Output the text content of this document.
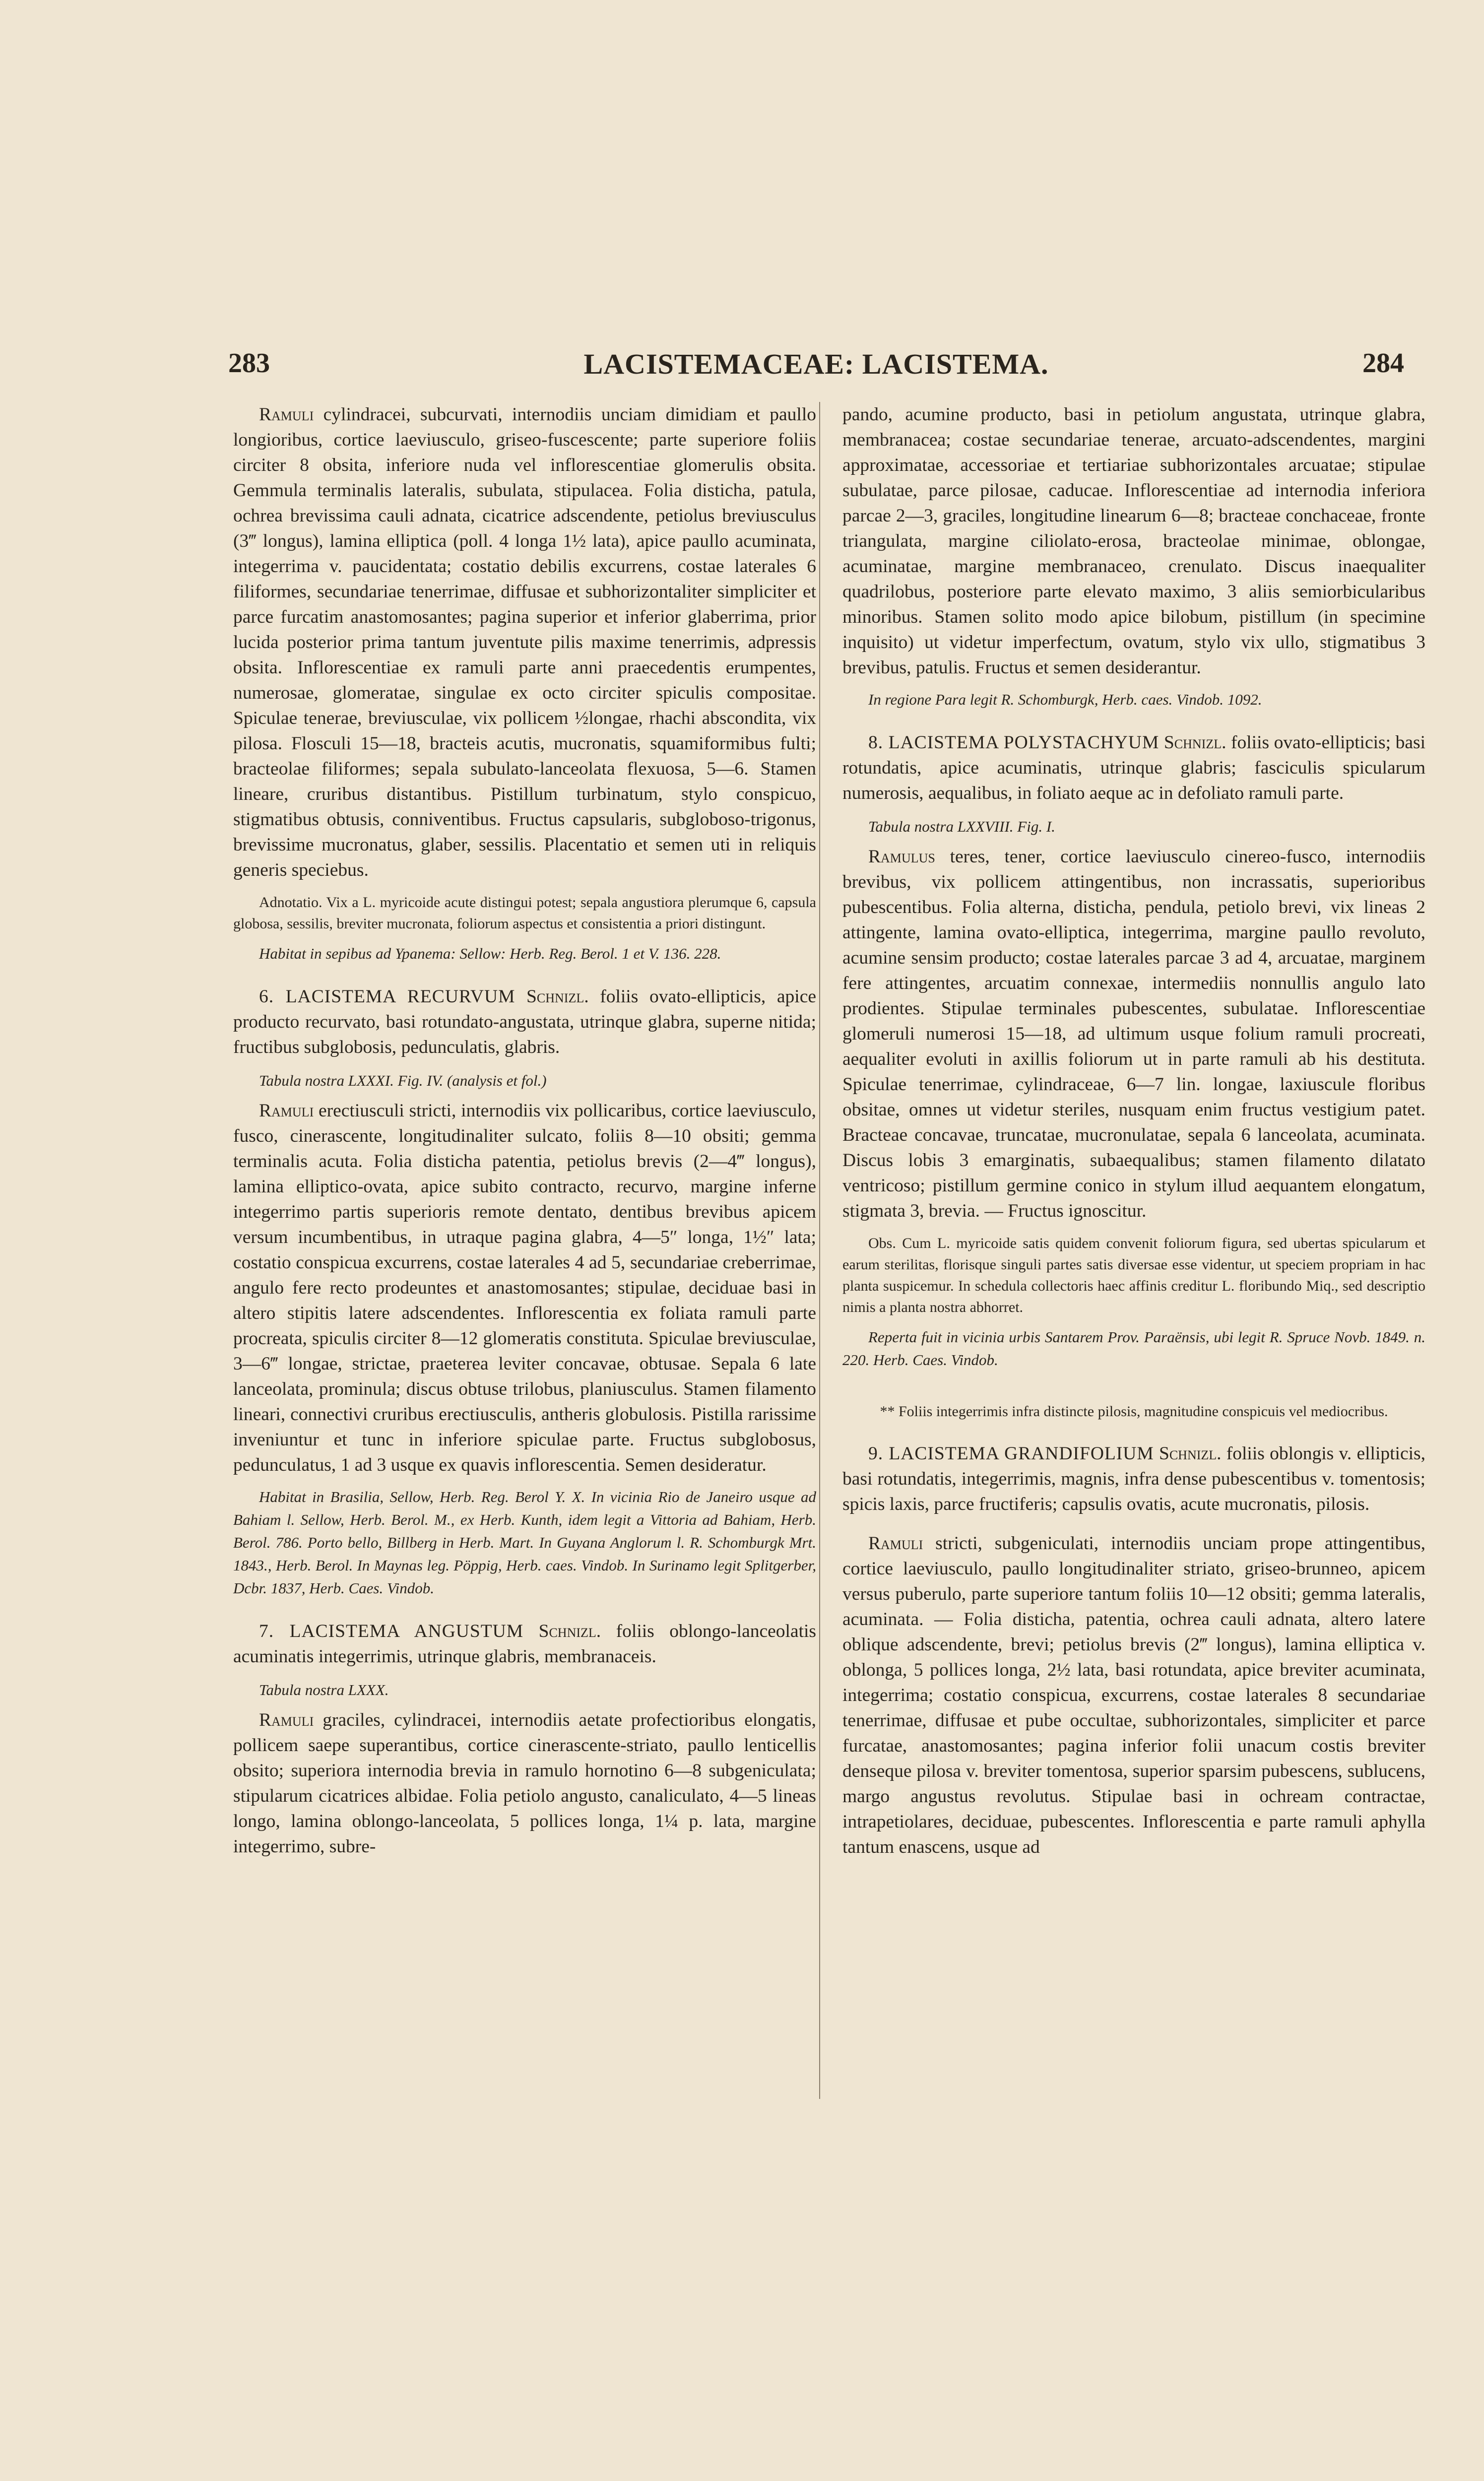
283	LACISTEMACEAE: LACISTEMA.	284

Ramuli cylindracei, subcurvati, internodiis unciam dimidiam et paullo longioribus, cortice laeviusculo, griseo-fuscescente; parte superiore foliis circiter 8 obsita, inferiore nuda vel inflorescentiae glomerulis obsita. Gemmula terminalis lateralis, subulata, stipulacea. Folia disticha, patula, ochrea brevissima cauli adnata, cicatrice adscendente, petiolus breviusculus (3‴ longus), lamina elliptica (poll. 4 longa 1½ lata), apice paullo acuminata, integerrima v. paucidentata; costatio debilis excurrens, costae laterales 6 filiformes, secundariae tenerrimae, diffusae et subhorizontaliter simpliciter et parce furcatim anastomosantes; pagina superior et inferior glaberrima, prior lucida posterior prima tantum juventute pilis maxime tenerrimis, adpressis obsita. Inflorescentiae ex ramuli parte anni praecedentis erumpentes, numerosae, glomeratae, singulae ex octo circiter spiculis compositae. Spiculae tenerae, breviusculae, vix pollicem ½longae, rhachi abscondita, vix pilosa. Flosculi 15—18, bracteis acutis, mucronatis, squamiformibus fulti; bracteolae filiformes; sepala subulato-lanceolata flexuosa, 5—6. Stamen lineare, cruribus distantibus. Pistillum turbinatum, stylo conspicuo, stigmatibus obtusis, conniventibus. Fructus capsularis, subgloboso-trigonus, brevissime mucronatus, glaber, sessilis. Placentatio et semen uti in reliquis generis speciebus.

Adnotatio. Vix a L. myricoide acute distingui potest; sepala angustiora plerumque 6, capsula globosa, sessilis, breviter mucronata, foliorum aspectus et consistentia a priori distingunt.

Habitat in sepibus ad Ypanema: Sellow: Herb. Reg. Berol. 1 et V. 136. 228.

6. LACISTEMA RECURVUM Schnizl. foliis ovato-ellipticis, apice producto recurvato, basi rotundato-angustata, utrinque glabra, superne nitida; fructibus subglobosis, pedunculatis, glabris.

Tabula nostra LXXXI. Fig. IV. (analysis et fol.)

Ramuli erectiusculi stricti, internodiis vix pollicaribus, cortice laeviusculo, fusco, cinerascente, longitudinaliter sulcato, foliis 8—10 obsiti; gemma terminalis acuta. Folia disticha patentia, petiolus brevis (2—4‴ longus), lamina elliptico-ovata, apice subito contracto, recurvo, margine inferne integerrimo partis superioris remote dentato, dentibus brevibus apicem versum incumbentibus, in utraque pagina glabra, 4—5″ longa, 1½″ lata; costatio conspicua excurrens, costae laterales 4 ad 5, secundariae creberrimae, angulo fere recto prodeuntes et anastomosantes; stipulae, deciduae basi in altero stipitis latere adscendentes. Inflorescentia ex foliata ramuli parte procreata, spiculis circiter 8—12 glomeratis constituta. Spiculae breviusculae, 3—6‴ longae, strictae, praeterea leviter concavae, obtusae. Sepala 6 late lanceolata, prominula; discus obtuse trilobus, planiusculus. Stamen filamento lineari, connectivi cruribus erectiusculis, antheris globulosis. Pistilla rarissime inveniuntur et tunc in inferiore spiculae parte. Fructus subglobosus, pedunculatus, 1 ad 3 usque ex quavis inflorescentia. Semen desideratur.

Habitat in Brasilia, Sellow, Herb. Reg. Berol Y. X. In vicinia Rio de Janeiro usque ad Bahiam l. Sellow, Herb. Berol. M., ex Herb. Kunth, idem legit a Vittoria ad Bahiam, Herb. Berol. 786. Porto bello, Billberg in Herb. Mart. In Guyana Anglorum l. R. Schomburgk Mrt. 1843., Herb. Berol. In Maynas leg. Pöppig, Herb. caes. Vindob. In Surinamo legit Splitgerber, Dcbr. 1837, Herb. Caes. Vindob.

7. LACISTEMA ANGUSTUM Schnizl. foliis oblongo-lanceolatis acuminatis integerrimis, utrinque glabris, membranaceis.

Tabula nostra LXXX.

Ramuli graciles, cylindracei, internodiis aetate profectioribus elongatis, pollicem saepe superantibus, cortice cinerascente-striato, paullo lenticellis obsito; superiora internodia brevia in ramulo hornotino 6—8 subgeniculata; stipularum cicatrices albidae. Folia petiolo angusto, canaliculato, 4—5 lineas longo, lamina oblongo-lanceolata, 5 pollices longa, 1¼ p. lata, margine integerrimo, subre-

pando, acumine producto, basi in petiolum angustata, utrinque glabra, membranacea; costae secundariae tenerae, arcuato-adscendentes, margini approximatae, accessoriae et tertiariae subhorizontales arcuatae; stipulae subulatae, parce pilosae, caducae. Inflorescentiae ad internodia inferiora parcae 2—3, graciles, longitudine linearum 6—8; bracteae conchaceae, fronte triangulata, margine ciliolato-erosa, bracteolae minimae, oblongae, acuminatae, margine membranaceo, crenulato. Discus inaequaliter quadrilobus, posteriore parte elevato maximo, 3 aliis semiorbicularibus minoribus. Stamen solito modo apice bilobum, pistillum (in specimine inquisito) ut videtur imperfectum, ovatum, stylo vix ullo, stigmatibus 3 brevibus, patulis. Fructus et semen desiderantur.

In regione Para legit R. Schomburgk, Herb. caes. Vindob. 1092.

8. LACISTEMA POLYSTACHYUM Schnizl. foliis ovato-ellipticis; basi rotundatis, apice acuminatis, utrinque glabris; fasciculis spicularum numerosis, aequalibus, in foliato aeque ac in defoliato ramuli parte.

Tabula nostra LXXVIII. Fig. I.

Ramulus teres, tener, cortice laeviusculo cinereo-fusco, internodiis brevibus, vix pollicem attingentibus, non incrassatis, superioribus pubescentibus. Folia alterna, disticha, pendula, petiolo brevi, vix lineas 2 attingente, lamina ovato-elliptica, integerrima, margine paullo revoluto, acumine sensim producto; costae laterales parcae 3 ad 4, arcuatae, marginem fere attingentes, arcuatim connexae, intermediis nonnullis angulo lato prodientes. Stipulae terminales pubescentes, subulatae. Inflorescentiae glomeruli numerosi 15—18, ad ultimum usque folium ramuli procreati, aequaliter evoluti in axillis foliorum ut in parte ramuli ab his destituta. Spiculae tenerrimae, cylindraceae, 6—7 lin. longae, laxiuscule floribus obsitae, omnes ut videtur steriles, nusquam enim fructus vestigium patet. Bracteae concavae, truncatae, mucronulatae, sepala 6 lanceolata, acuminata. Discus lobis 3 emarginatis, subaequalibus; stamen filamento dilatato ventricoso; pistillum germine conico in stylum illud aequantem elongatum, stigmata 3, brevia. — Fructus ignoscitur.

Obs. Cum L. myricoide satis quidem convenit foliorum figura, sed ubertas spicularum et earum sterilitas, florisque singuli partes satis diversae esse videntur, ut speciem propriam in hac planta suspicemur. In schedula collectoris haec affinis creditur L. floribundo Miq., sed descriptio nimis a planta nostra abhorret.

Reperta fuit in vicinia urbis Santarem Prov. Paraënsis, ubi legit R. Spruce Novb. 1849. n. 220. Herb. Caes. Vindob.

** Foliis integerrimis infra distincte pilosis, magnitudine conspicuis vel mediocribus.

9. LACISTEMA GRANDIFOLIUM Schnizl. foliis oblongis v. ellipticis, basi rotundatis, integerrimis, magnis, infra dense pubescentibus v. tomentosis; spicis laxis, parce fructiferis; capsulis ovatis, acute mucronatis, pilosis.

Ramuli stricti, subgeniculati, internodiis unciam prope attingentibus, cortice laeviusculo, paullo longitudinaliter striato, griseo-brunneo, apicem versus puberulo, parte superiore tantum foliis 10—12 obsiti; gemma lateralis, acuminata. — Folia disticha, patentia, ochrea cauli adnata, altero latere oblique adscendente, brevi; petiolus brevis (2‴ longus), lamina elliptica v. oblonga, 5 pollices longa, 2½ lata, basi rotundata, apice breviter acuminata, integerrima; costatio conspicua, excurrens, costae laterales 8 secundariae tenerrimae, diffusae et pube occultae, subhorizontales, simpliciter et parce furcatae, anastomosantes; pagina inferior folii unacum costis breviter denseque pilosa v. breviter tomentosa, superior sparsim pubescens, sublucens, margo angustus revolutus. Stipulae basi in ochream contractae, intrapetiolares, deciduae, pubescentes. Inflorescentia e parte ramuli aphylla tantum enascens, usque ad
